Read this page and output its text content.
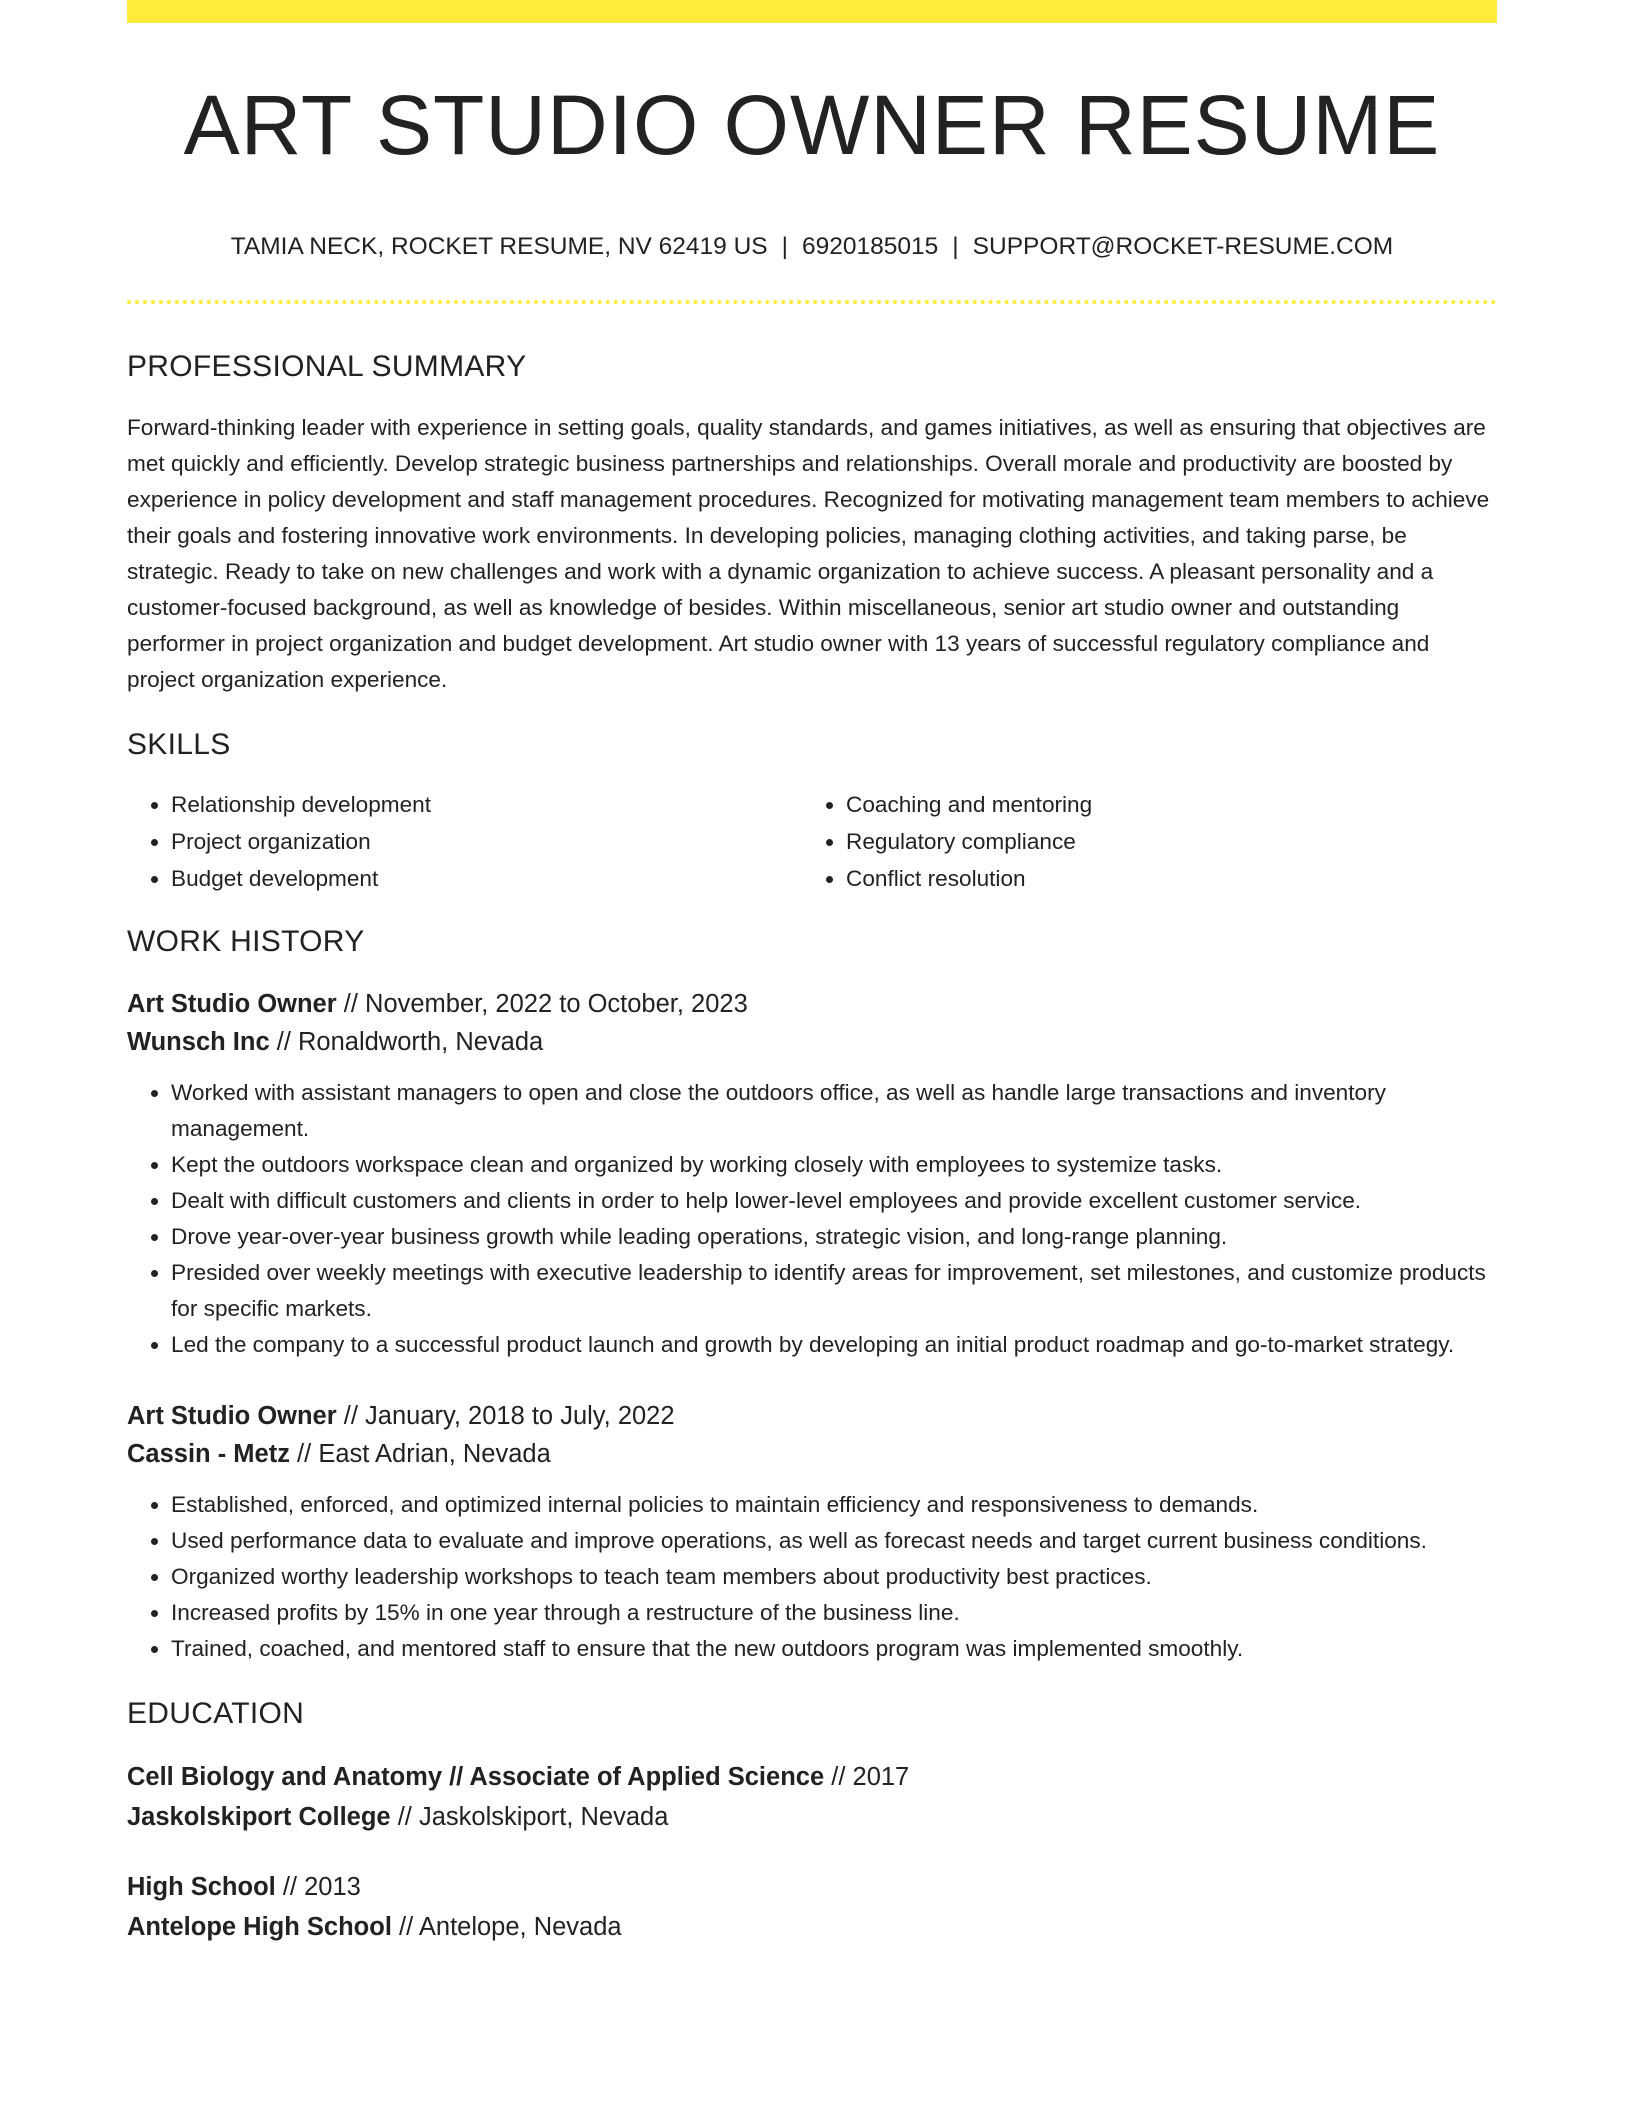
ART STUDIO OWNER RESUME
TAMIA NECK, ROCKET RESUME, NV 62419 US | 6920185015 | SUPPORT@ROCKET-RESUME.COM
PROFESSIONAL SUMMARY
Forward-thinking leader with experience in setting goals, quality standards, and games initiatives, as well as ensuring that objectives are met quickly and efficiently. Develop strategic business partnerships and relationships. Overall morale and productivity are boosted by experience in policy development and staff management procedures. Recognized for motivating management team members to achieve their goals and fostering innovative work environments. In developing policies, managing clothing activities, and taking parse, be strategic. Ready to take on new challenges and work with a dynamic organization to achieve success. A pleasant personality and a customer-focused background, as well as knowledge of besides. Within miscellaneous, senior art studio owner and outstanding performer in project organization and budget development. Art studio owner with 13 years of successful regulatory compliance and project organization experience.
SKILLS
• Relationship development
• Project organization
• Budget development
• Coaching and mentoring
• Regulatory compliance
• Conflict resolution
WORK HISTORY
Art Studio Owner // November, 2022 to October, 2023
Wunsch Inc // Ronaldworth, Nevada
• Worked with assistant managers to open and close the outdoors office, as well as handle large transactions and inventory management.
• Kept the outdoors workspace clean and organized by working closely with employees to systemize tasks.
• Dealt with difficult customers and clients in order to help lower-level employees and provide excellent customer service.
• Drove year-over-year business growth while leading operations, strategic vision, and long-range planning.
• Presided over weekly meetings with executive leadership to identify areas for improvement, set milestones, and customize products for specific markets.
• Led the company to a successful product launch and growth by developing an initial product roadmap and go-to-market strategy.
Art Studio Owner // January, 2018 to July, 2022
Cassin - Metz // East Adrian, Nevada
• Established, enforced, and optimized internal policies to maintain efficiency and responsiveness to demands.
• Used performance data to evaluate and improve operations, as well as forecast needs and target current business conditions.
• Organized worthy leadership workshops to teach team members about productivity best practices.
• Increased profits by 15% in one year through a restructure of the business line.
• Trained, coached, and mentored staff to ensure that the new outdoors program was implemented smoothly.
EDUCATION
Cell Biology and Anatomy // Associate of Applied Science // 2017
Jaskolskiport College // Jaskolskiport, Nevada
High School // 2013
Antelope High School // Antelope, Nevada
